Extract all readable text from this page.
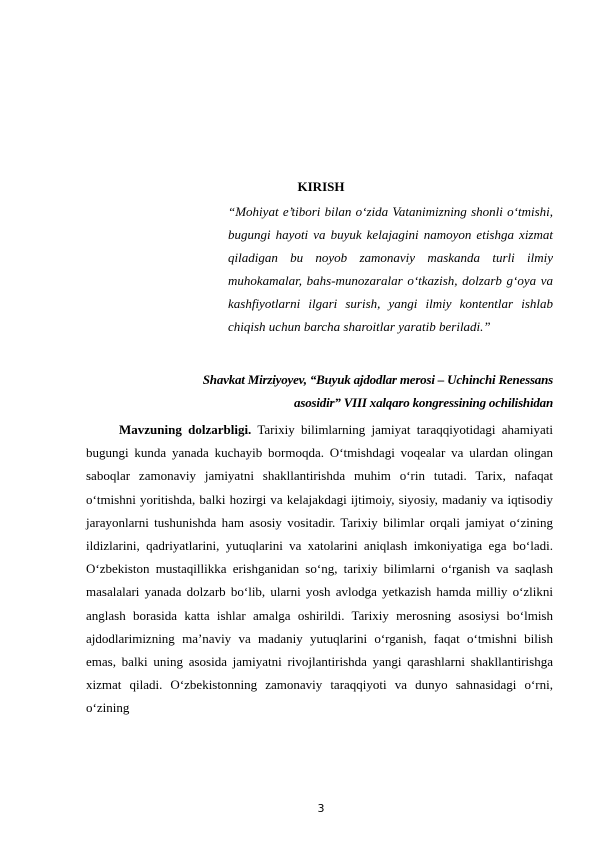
KIRISH
“Mohiyat e’tibori bilan o‘zida Vatanimizning shonli o‘tmishi, bugungi hayoti va buyuk kelajagini namoyon etishga xizmat qiladigan bu noyob zamonaviy maskanda turli ilmiy muhokamalar, bahs-munozaralar o‘tkazish, dolzarb g‘oya va kashfiyotlarni ilgari surish, yangi ilmiy kontentlar ishlab chiqish uchun barcha sharoitlar yaratib beriladi.”
Shavkat Mirziyoyev, “Buyuk ajdodlar merosi – Uchinchi Renessans asosidir” VIII xalqaro kongressining ochilishidan
Mavzuning dolzarbligi. Tarixiy bilimlarning jamiyat taraqqiyotidagi ahamiyati bugungi kunda yanada kuchayib bormoqda. O‘tmishdagi voqealar va ulardan olingan saboqlar zamonaviy jamiyatni shakllantirishda muhim o‘rin tutadi. Tarix, nafaqat o‘tmishni yoritishda, balki hozirgi va kelajakdagi ijtimoiy, siyosiy, madaniy va iqtisodiy jarayonlarni tushunishda ham asosiy vositadir. Tarixiy bilimlar orqali jamiyat o‘zining ildizlarini, qadriyatlarini, yutuqlarini va xatolarini aniqlash imkoniyatiga ega bo‘ladi. O‘zbekiston mustaqillikka erishganidan so‘ng, tarixiy bilimlarni o‘rganish va saqlash masalalari yanada dolzarb bo‘lib, ularni yosh avlodga yetkazish hamda milliy o‘zlikni anglash borasida katta ishlar amalga oshirildi. Tarixiy merosning asosiysi bo‘lmish ajdodlarimizning ma’naviy va madaniy yutuqlarini o‘rganish, faqat o‘tmishni bilish emas, balki uning asosida jamiyatni rivojlantirishda yangi qarashlarni shakllantirishga xizmat qiladi. O‘zbekistonning zamonaviy taraqqiyoti va dunyo sahnasidagi o‘rni, o‘zining
3
